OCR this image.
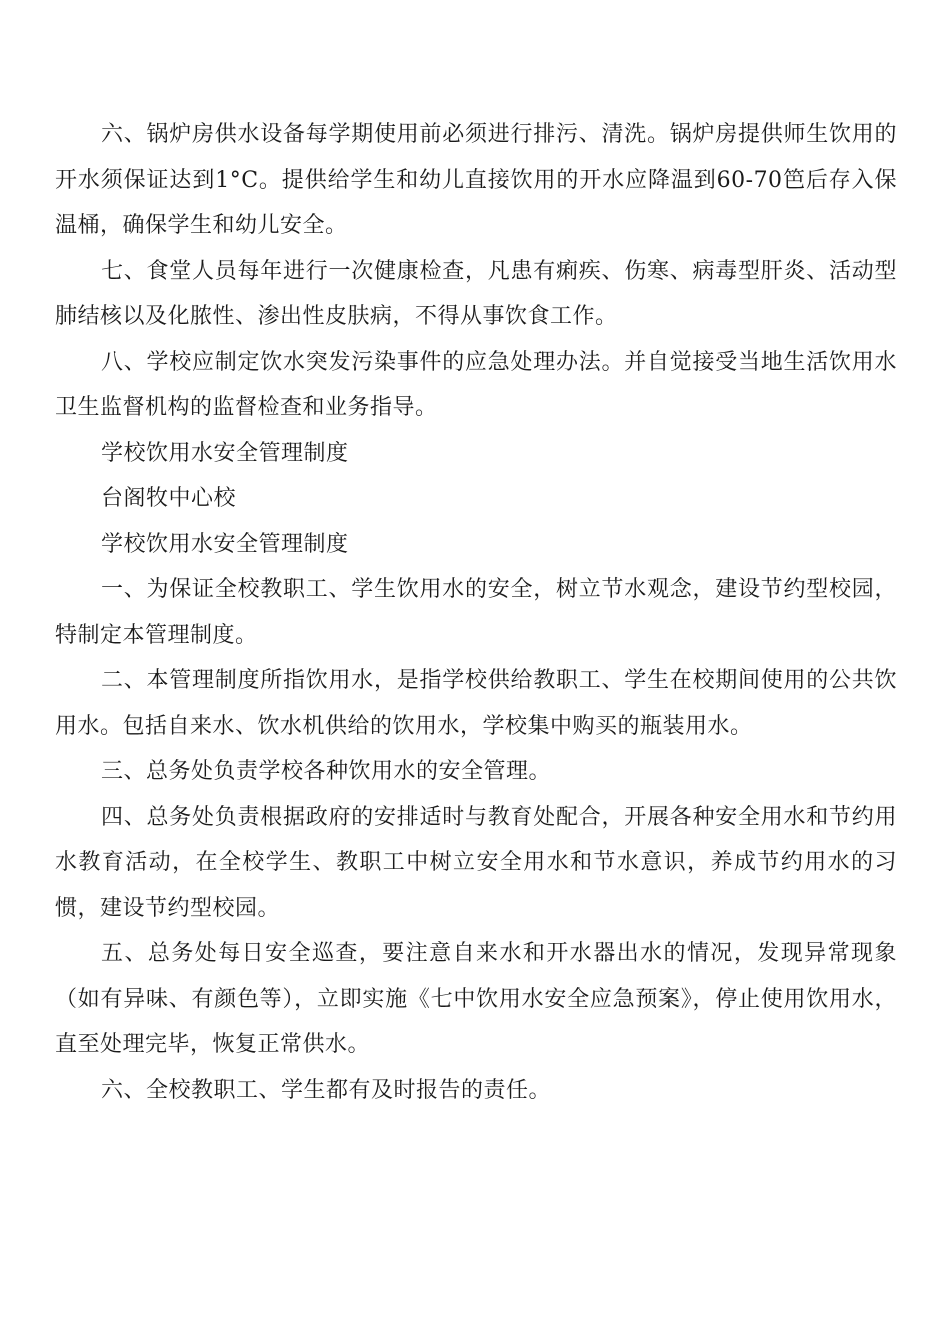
六、锅炉房供水设备每学期使用前必须进行排污、清洗。锅炉房提供师生饮用的开水须保证达到1°C。提供给学生和幼儿直接饮用的开水应降温到60-70笆后存入保温桶，确保学生和幼儿安全。

七、食堂人员每年进行一次健康检查，凡患有痢疾、伤寒、病毒型肝炎、活动型肺结核以及化脓性、渗出性皮肤病，不得从事饮食工作。

八、学校应制定饮水突发污染事件的应急处理办法。并自觉接受当地生活饮用水卫生监督机构的监督检查和业务指导。

学校饮用水安全管理制度

台阁牧中心校

学校饮用水安全管理制度

一、为保证全校教职工、学生饮用水的安全，树立节水观念，建设节约型校园，特制定本管理制度。

二、本管理制度所指饮用水，是指学校供给教职工、学生在校期间使用的公共饮用水。包括自来水、饮水机供给的饮用水，学校集中购买的瓶装用水。

三、总务处负责学校各种饮用水的安全管理。

四、总务处负责根据政府的安排适时与教育处配合，开展各种安全用水和节约用水教育活动，在全校学生、教职工中树立安全用水和节水意识，养成节约用水的习惯，建设节约型校园。

五、总务处每日安全巡查，要注意自来水和开水器出水的情况，发现异常现象（如有异味、有颜色等），立即实施《七中饮用水安全应急预案》，停止使用饮用水，直至处理完毕，恢复正常供水。

六、全校教职工、学生都有及时报告的责任。
